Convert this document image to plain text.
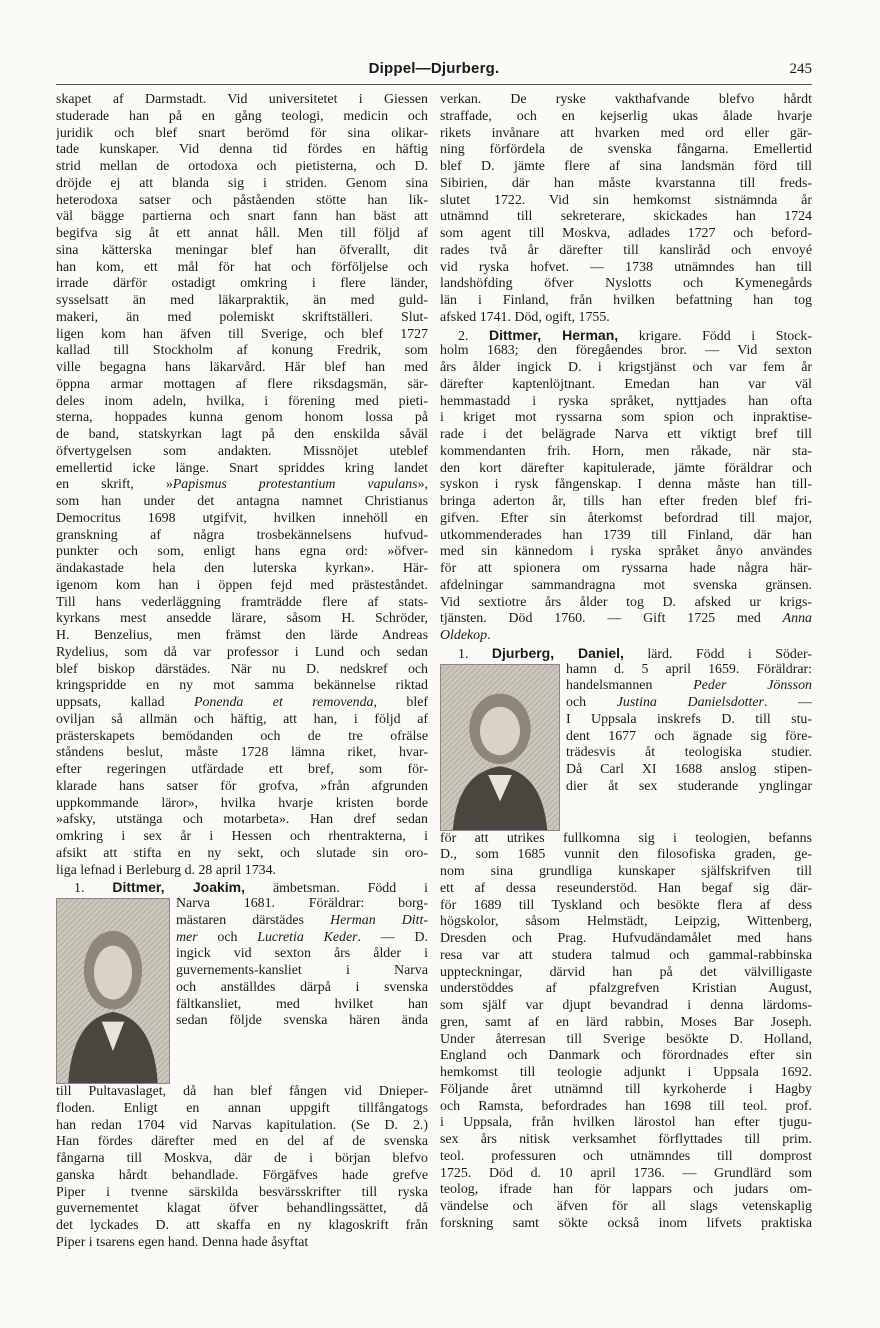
Dippel—Djurberg.	245
skapet af Darmstadt. Vid universitetet i Giessen
studerade han på en gång teologi, medicin och
juridik och blef snart berömd för sina olikar-
tade kunskaper. Vid denna tid fördes en häftig
strid mellan de ortodoxa och pietisterna, och D.
dröjde ej att blanda sig i striden. Genom sina
heterodoxa satser och påståenden stötte han lik-
väl bägge partierna och snart fann han bäst att
begifva sig åt ett annat håll. Men till följd af
sina kätterska meningar blef han öfverallt, dit
han kom, ett mål för hat och förföljelse och
irrade därför ostadigt omkring i flere länder,
sysselsatt än med läkarpraktik, än med guld-
makeri, än med polemiskt skriftställeri. Slut-
ligen kom han äfven till Sverige, och blef 1727
kallad till Stockholm af konung Fredrik, som
ville begagna hans läkarvård. Här blef han med
öppna armar mottagen af flere riksdagsmän, sär-
deles inom adeln, hvilka, i förening med pieti-
sterna, hoppades kunna genom honom lossa på
de band, statskyrkan lagt på den enskilda såväl
öfvertygelsen som andakten. Missnöjet uteblef
emellertid icke länge. Snart spriddes kring landet
en skrift, »Papismus protestantium vapulans»,
som han under det antagna namnet Christianus
Democritus 1698 utgifvit, hvilken innehöll en
granskning af några trosbekännelsens hufvud-
punkter och som, enligt hans egna ord: »öfver-
ändakastade hela den luterska kyrkan». Här-
igenom kom han i öppen fejd med prästeståndet.
Till hans vederläggning framträdde flere af stats-
kyrkans mest ansedde lärare, såsom H. Schröder,
H. Benzelius, men främst den lärde Andreas
Rydelius, som då var professor i Lund och sedan
blef biskop därstädes. När nu D. nedskref och
kringspridde en ny mot samma bekännelse riktad
uppsats, kallad Ponenda et removenda, blef
oviljan så allmän och häftig, att han, i följd af
prästerskapets bemödanden och de tre ofrälse
ståndens beslut, måste 1728 lämna riket, hvar-
efter regeringen utfärdade ett bref, som för-
klarade hans satser för grofva, »från afgrunden
uppkommande läror», hvilka hvarje kristen borde
»afsky, utstänga och motarbeta». Han dref sedan
omkring i sex år i Hessen och rhentrakterna, i
afsikt att stifta en ny sekt, och slutade sin oro-
liga lefnad i Berleburg d. 28 april 1734.
1. Dittmer, Joakim, ämbetsman. Född i
Narva 1681. Föräldrar: borg-
mästaren därstädes Herman Ditt-
mer och Lucretia Keder. — D.
ingick vid sexton års ålder i
guvernements-kansliet i Narva
och anställdes därpå i svenska
fältkansliet, med hvilket han
sedan följde svenska hären ända
till Pultavaslaget, då han blef fången vid Dnieper-
floden. Enligt en annan uppgift tillfångatogs
han redan 1704 vid Narvas kapitulation. (Se D. 2.)
Han fördes därefter med en del af de svenska
fångarna till Moskva, där de i början blefvo
ganska hårdt behandlade. Förgäfves hade grefve
Piper i tvenne särskilda besvärsskrifter till ryska
guvernementet klagat öfver behandlingssättet, då
det lyckades D. att skaffa en ny klagoskrift från
Piper i tsarens egen hand. Denna hade åsyftat
verkan. De ryske vakthafvande blefvo hårdt
straffade, och en kejserlig ukas ålade hvarje
rikets invånare att hvarken med ord eller gär-
ning förfördela de svenska fångarna. Emellertid
blef D. jämte flere af sina landsmän förd till
Sibirien, där han måste kvarstanna till freds-
slutet 1722. Vid sin hemkomst sistnämnda år
utnämnd till sekreterare, skickades han 1724
som agent till Moskva, adlades 1727 och beford-
rades två år därefter till kansliråd och envoyé
vid ryska hofvet. — 1738 utnämndes han till
landshöfding öfver Nyslotts och Kymenegårds
län i Finland, från hvilken befattning han tog
afsked 1741. Död, ogift, 1755.
2. Dittmer, Herman, krigare. Född i Stock-
holm 1683; den föregåendes bror. — Vid sexton
års ålder ingick D. i krigstjänst och var fem år
därefter kaptenlöjtnant. Emedan han var väl
hemmastadd i ryska språket, nyttjades han ofta
i kriget mot ryssarna som spion och inpraktise-
rade i det belägrade Narva ett viktigt bref till
kommendanten frih. Horn, men råkade, när sta-
den kort därefter kapitulerade, jämte föräldrar och
syskon i rysk fångenskap. I denna måste han till-
bringa aderton år, tills han efter freden blef fri-
gifven. Efter sin återkomst befordrad till major,
utkommenderades han 1739 till Finland, där han
med sin kännedom i ryska språket ånyo användes
för att spionera om ryssarna hade några här-
afdelningar sammandragna mot svenska gränsen.
Vid sextiotre års ålder tog D. afsked ur krigs-
tjänsten. Död 1760. — Gift 1725 med Anna
Oldekop.
1. Djurberg, Daniel, lärd. Född i Söder-
hamn d. 5 april 1659. Föräldrar:
handelsmannen Peder Jönsson
och Justina Danielsdotter. —
I Uppsala inskrefs D. till stu-
dent 1677 och ägnade sig före-
trädesvis åt teologiska studier.
Då Carl XI 1688 anslog stipen-
dier åt sex studerande ynglingar
för att utrikes fullkomna sig i teologien, befanns
D., som 1685 vunnit den filosofiska graden, ge-
nom sina grundliga kunskaper själfskrifven till
ett af dessa reseunderstöd. Han begaf sig där-
för 1689 till Tyskland och besökte flera af dess
högskolor, såsom Helmstädt, Leipzig, Wittenberg,
Dresden och Prag. Hufvudändamålet med hans
resa var att studera talmud och gammal-rabbinska
uppteckningar, därvid han på det välvilligaste
understöddes af pfalzgrefven Kristian August,
som själf var djupt bevandrad i denna lärdoms-
gren, samt af en lärd rabbin, Moses Bar Joseph.
Under återresan till Sverige besökte D. Holland,
England och Danmark och förordnades efter sin
hemkomst till teologie adjunkt i Uppsala 1692.
Följande året utnämnd till kyrkoherde i Hagby
och Ramsta, befordrades han 1698 till teol. prof.
i Uppsala, från hvilken lärostol han efter tjugu-
sex års nitisk verksamhet förflyttades till prim.
teol. professuren och utnämndes till domprost
1725. Död d. 10 april 1736. — Grundlärd som
teolog, ifrade han för lappars och judars om-
vändelse och äfven för all slags vetenskaplig
forskning samt sökte också inom lifvets praktiska
